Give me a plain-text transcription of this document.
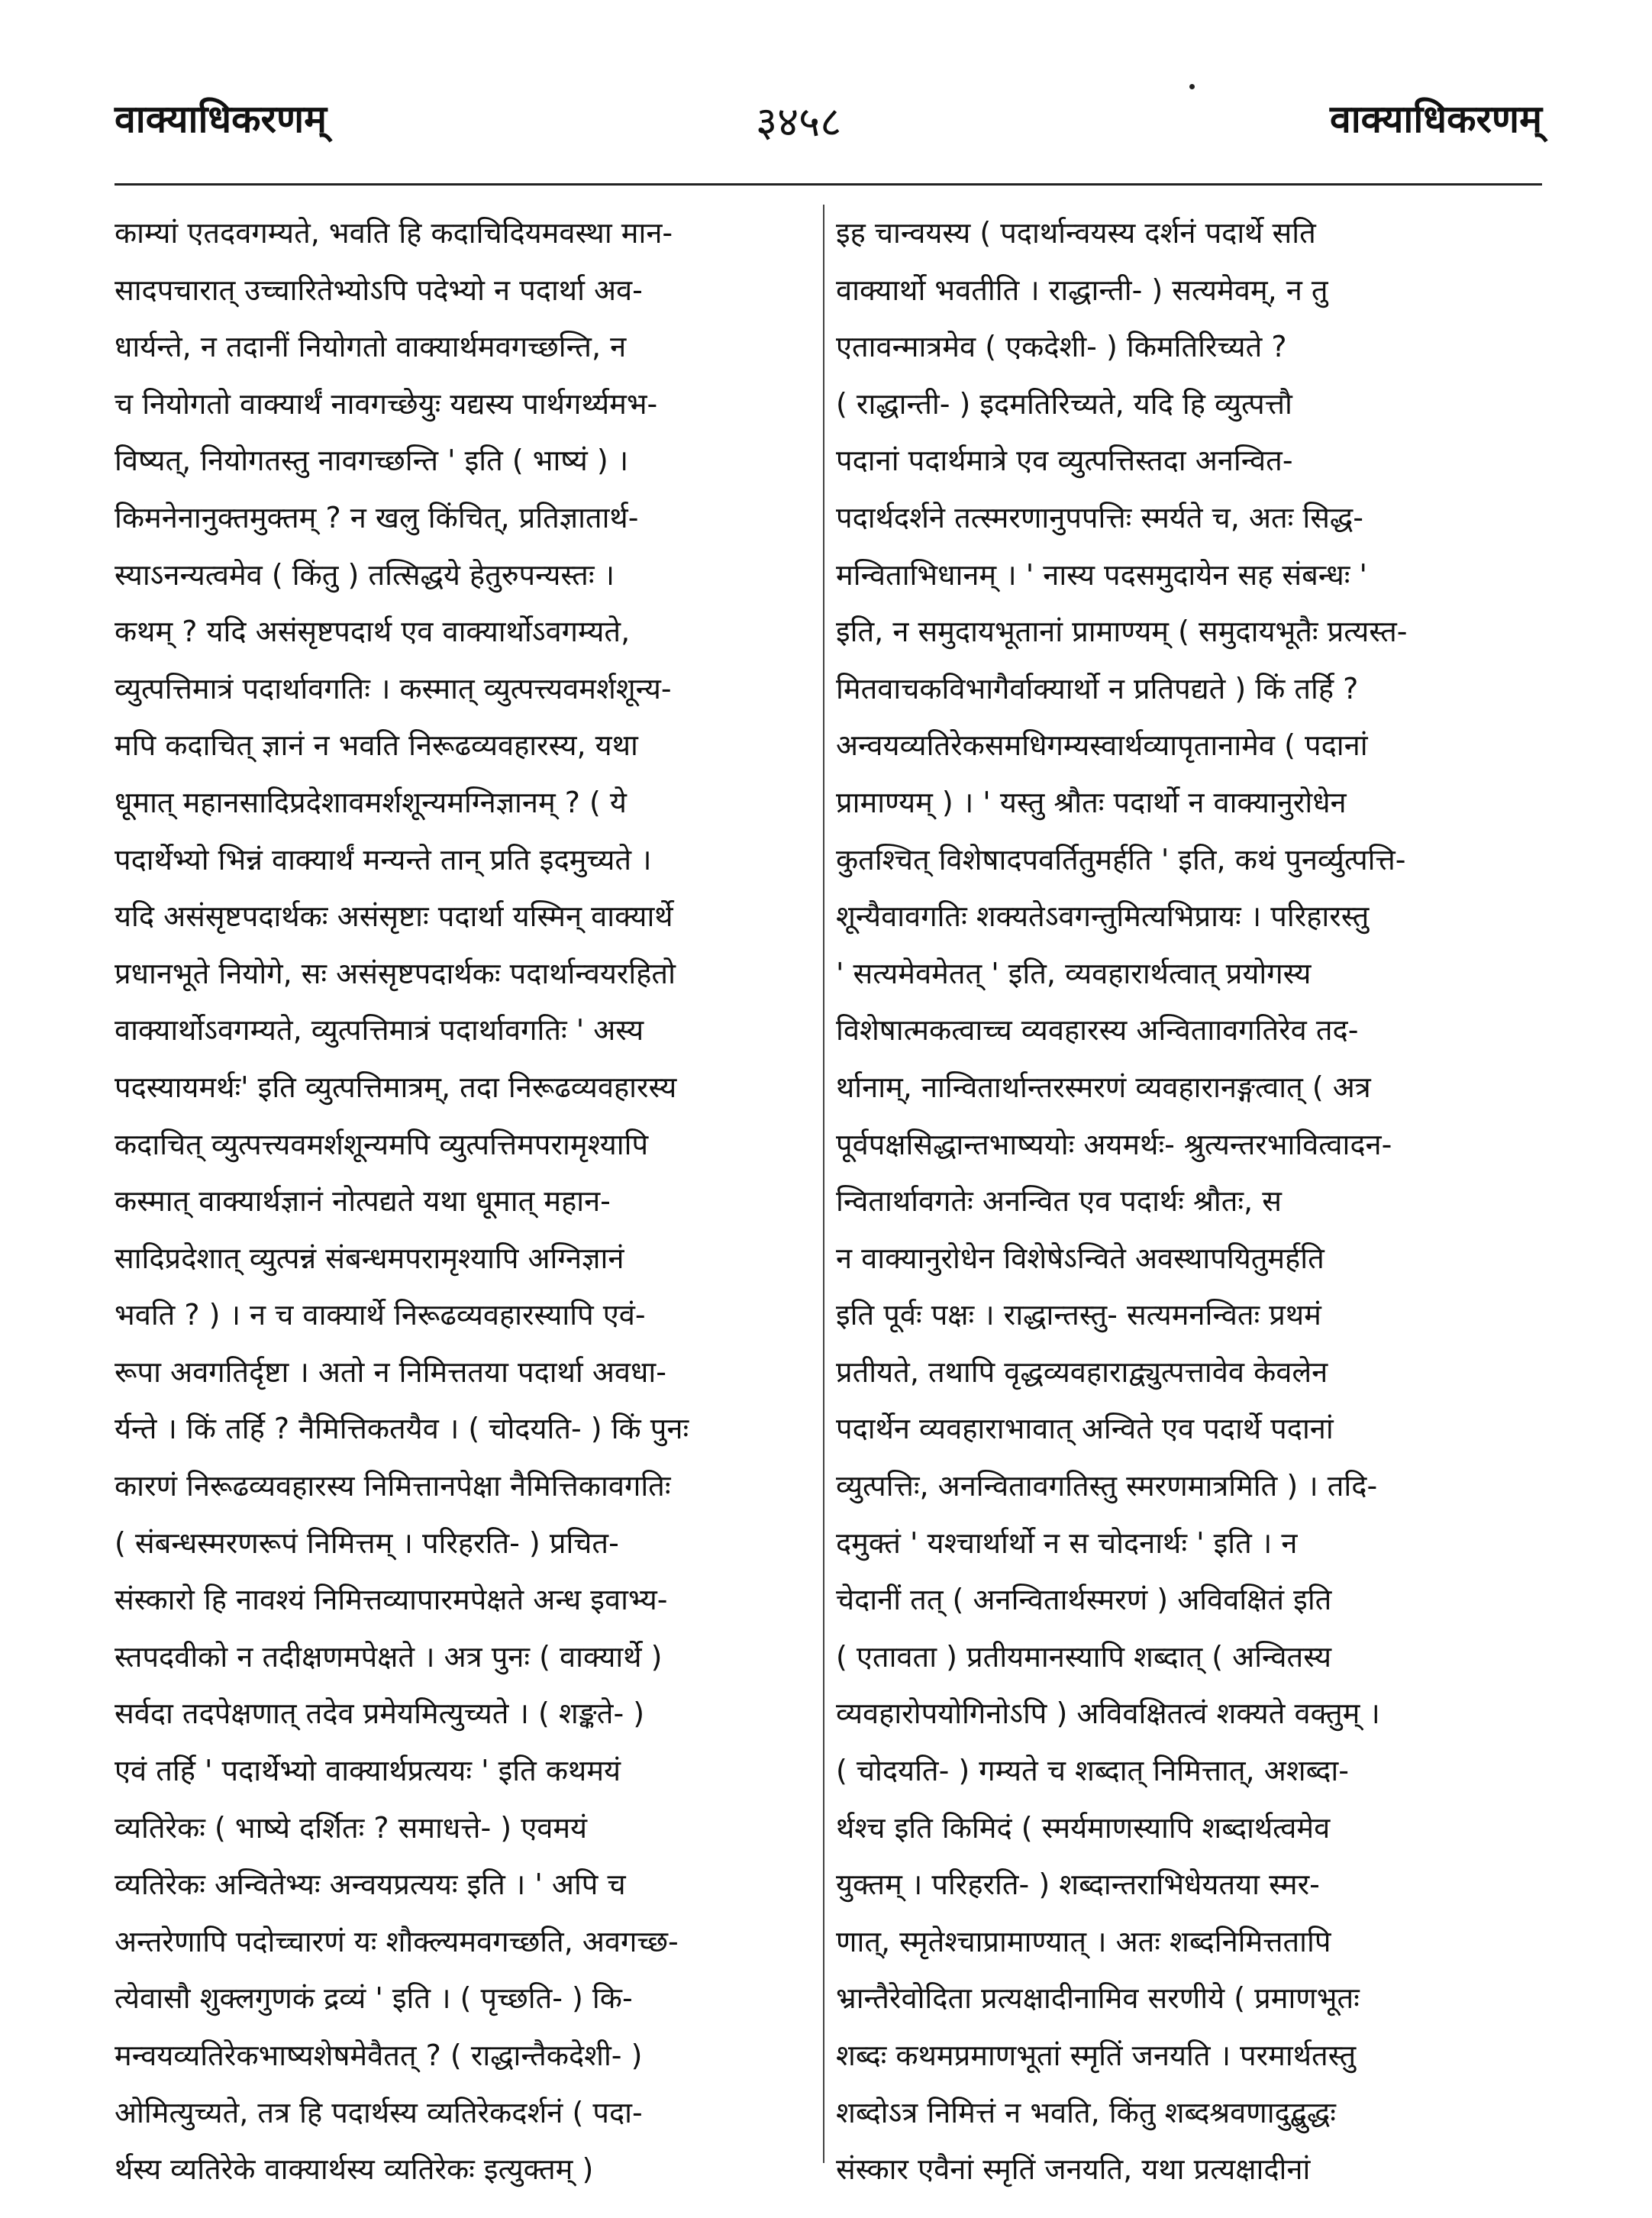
वाक्याधिकरणम्	३४५८	वाक्याधिकरणम्
काम्यां एतदवगम्यते, भवति हि कदाचिदियमवस्था मान-
सादपचारात् उच्चारितेभ्योऽपि पदेभ्यो न पदार्था अव-
धार्यन्ते, न तदानीं नियोगतो वाक्यार्थमवगच्छन्ति, न
च नियोगतो वाक्यार्थं नावगच्छेयुः यद्यस्य पार्थगर्थ्यमभ-
विष्यत्, नियोगतस्तु नावगच्छन्ति ' इति ( भाष्यं ) ।
किमनेनानुक्तमुक्तम् ? न खलु किंचित्, प्रतिज्ञातार्थ-
स्याऽनन्यत्वमेव ( किंतु ) तत्सिद्धये हेतुरुपन्यस्तः ।
कथम् ? यदि असंसृष्टपदार्थ एव वाक्यार्थोऽवगम्यते,
व्युत्पत्तिमात्रं पदार्थावगतिः । कस्मात् व्युत्पत्त्यवमर्शशून्य-
मपि कदाचित् ज्ञानं न भवति निरूढव्यवहारस्य, यथा
धूमात् महानसादिप्रदेशावमर्शशून्यमग्निज्ञानम् ? ( ये
पदार्थेभ्यो भिन्नं वाक्यार्थं मन्यन्ते तान् प्रति इदमुच्यते ।
यदि असंसृष्टपदार्थकः असंसृष्टाः पदार्था यस्मिन् वाक्यार्थे
प्रधानभूते नियोगे, सः असंसृष्टपदार्थकः पदार्थान्वयरहितो
वाक्यार्थोऽवगम्यते, व्युत्पत्तिमात्रं पदार्थावगतिः ' अस्य
पदस्यायमर्थः' इति व्युत्पत्तिमात्रम्, तदा निरूढव्यवहारस्य
कदाचित् व्युत्पत्त्यवमर्शशून्यमपि व्युत्पत्तिमपरामृश्यापि
कस्मात् वाक्यार्थज्ञानं नोत्पद्यते यथा धूमात् महान-
सादिप्रदेशात् व्युत्पन्नं संबन्धमपरामृश्यापि अग्निज्ञानं
भवति ? ) । न च वाक्यार्थे निरूढव्यवहारस्यापि एवं-
रूपा अवगतिर्दृष्टा । अतो न निमित्ततया पदार्था अवधा-
र्यन्ते । किं तर्हि ? नैमित्तिकतयैव । ( चोदयति- ) किं पुनः
कारणं निरूढव्यवहारस्य निमित्तानपेक्षा नैमित्तिकावगतिः
( संबन्धस्मरणरूपं निमित्तम् । परिहरति- ) प्रचित-
संस्कारो हि नावश्यं निमित्तव्यापारमपेक्षते अन्ध इवाभ्य-
स्तपदवीको न तदीक्षणमपेक्षते । अत्र पुनः ( वाक्यार्थे )
सर्वदा तदपेक्षणात् तदेव प्रमेयमित्युच्यते । ( शङ्कते- )
एवं तर्हि ' पदार्थेभ्यो वाक्यार्थप्रत्ययः ' इति कथमयं
व्यतिरेकः ( भाष्ये दर्शितः ? समाधत्ते- ) एवमयं
व्यतिरेकः अन्वितेभ्यः अन्वयप्रत्ययः इति । ' अपि च
अन्तरेणापि पदोच्चारणं यः शौक्ल्यमवगच्छति, अवगच्छ-
त्येवासौ शुक्लगुणकं द्रव्यं ' इति । ( पृच्छति- ) कि-
मन्वयव्यतिरेकभाष्यशेषमेवैतत् ? ( राद्धान्तैकदेशी- )
ओमित्युच्यते, तत्र हि पदार्थस्य व्यतिरेकदर्शनं ( पदा-
र्थस्य व्यतिरेके वाक्यार्थस्य व्यतिरेकः इत्युक्तम् )
इह चान्वयस्य ( पदार्थान्वयस्य दर्शनं पदार्थे सति
वाक्यार्थो भवतीति । राद्धान्ती- ) सत्यमेवम्, न तु
एतावन्मात्रमेव ( एकदेशी- ) किमतिरिच्यते ?
( राद्धान्ती- ) इदमतिरिच्यते, यदि हि व्युत्पत्तौ
पदानां पदार्थमात्रे एव व्युत्पत्तिस्तदा अनन्वित-
पदार्थदर्शने तत्स्मरणानुपपत्तिः स्मर्यते च, अतः सिद्ध-
मन्विताभिधानम् । ' नास्य पदसमुदायेन सह संबन्धः '
इति, न समुदायभूतानां प्रामाण्यम् ( समुदायभूतैः प्रत्यस्त-
मितवाचकविभागैर्वाक्यार्थो न प्रतिपद्यते ) किं तर्हि ?
अन्वयव्यतिरेकसमधिगम्यस्वार्थव्यापृतानामेव ( पदानां
प्रामाण्यम् ) । ' यस्तु श्रौतः पदार्थो न वाक्यानुरोधेन
कुतश्चित् विशेषादपवर्तितुमर्हति ' इति, कथं पुनर्व्युत्पत्ति-
शून्यैवावगतिः शक्यतेऽवगन्तुमित्यभिप्रायः । परिहारस्तु
' सत्यमेवमेतत् ' इति, व्यवहारार्थत्वात् प्रयोगस्य
विशेषात्मकत्वाच्च व्यवहारस्य अन्विताावगतिरेव तद-
र्थानाम्, नान्वितार्थान्तरस्मरणं व्यवहारानङ्गत्वात् ( अत्र
पूर्वपक्षसिद्धान्तभाष्ययोः अयमर्थः- श्रुत्यन्तरभावित्वादन-
न्वितार्थावगतेः अनन्वित एव पदार्थः श्रौतः, स
न वाक्यानुरोधेन विशेषेऽन्विते अवस्थापयितुमर्हति
इति पूर्वः पक्षः । राद्धान्तस्तु- सत्यमनन्वितः प्रथमं
प्रतीयते, तथापि वृद्धव्यवहाराद्व्युत्पत्तावेव केवलेन
पदार्थेन व्यवहाराभावात् अन्विते एव पदार्थे पदानां
व्युत्पत्तिः, अनन्वितावगतिस्तु स्मरणमात्रमिति ) । तदि-
दमुक्तं ' यश्चार्थार्थो न स चोदनार्थः ' इति । न
चेदानीं तत् ( अनन्वितार्थस्मरणं ) अविवक्षितं इति
( एतावता ) प्रतीयमानस्यापि शब्दात् ( अन्वितस्य
व्यवहारोपयोगिनोऽपि ) अविवक्षितत्वं शक्यते वक्तुम् ।
( चोदयति- ) गम्यते च शब्दात् निमित्तात्, अशब्दा-
र्थश्च इति किमिदं ( स्मर्यमाणस्यापि शब्दार्थत्वमेव
युक्तम् । परिहरति- ) शब्दान्तराभिधेयतया स्मर-
णात्, स्मृतेश्चाप्रामाण्यात् । अतः शब्दनिमित्ततापि
भ्रान्तैरेवोदिता प्रत्यक्षादीनामिव सरणीये ( प्रमाणभूतः
शब्दः कथमप्रमाणभूतां स्मृतिं जनयति । परमार्थतस्तु
शब्दोऽत्र निमित्तं न भवति, किंतु शब्दश्रवणादुद्बुद्धः
संस्कार एवैनां स्मृतिं जनयति, यथा प्रत्यक्षादीनां
